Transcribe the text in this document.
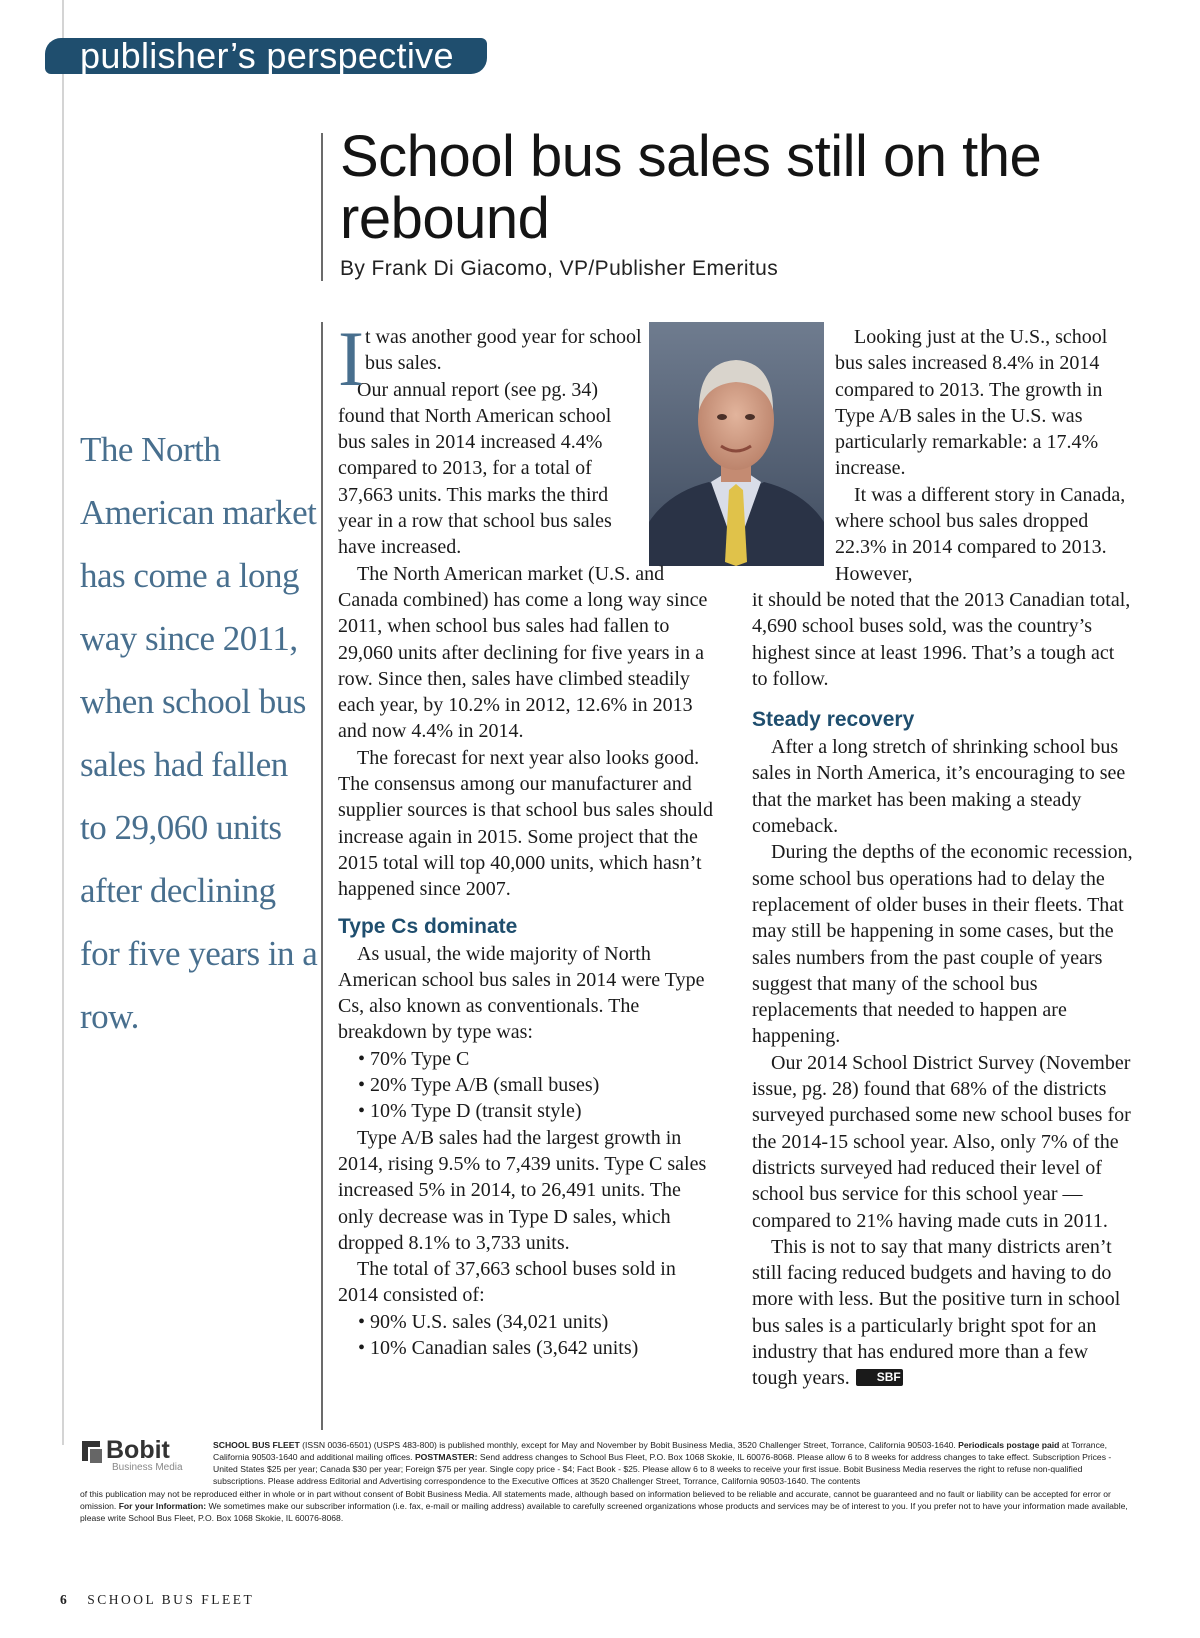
publisher’s perspective
School bus sales still on the rebound
By Frank Di Giacomo, VP/Publisher Emeritus
The North American market has come a long way since 2011, when school bus sales had fallen to 29,060 units after declining for five years in a row.
I t was another good year for school bus sales.

Our annual report (see pg. 34) found that North American school bus sales in 2014 increased 4.4% compared to 2013, for a total of 37,663 units. This marks the third year in a row that school bus sales have increased.

The North American market (U.S. and Canada combined) has come a long way since 2011, when school bus sales had fallen to 29,060 units after declining for five years in a row. Since then, sales have climbed steadily each year, by 10.2% in 2012, 12.6% in 2013 and now 4.4% in 2014.

The forecast for next year also looks good. The consensus among our manufacturer and supplier sources is that school bus sales should increase again in 2015. Some project that the 2015 total will top 40,000 units, which hasn’t happened since 2007.

Type Cs dominate

As usual, the wide majority of North American school bus sales in 2014 were Type Cs, also known as conventionals. The breakdown by type was:

• 70% Type C
• 20% Type A/B (small buses)
• 10% Type D (transit style)

Type A/B sales had the largest growth in 2014, rising 9.5% to 7,439 units. Type C sales increased 5% in 2014, to 26,491 units. The only decrease was in Type D sales, which dropped 8.1% to 3,733 units.

The total of 37,663 school buses sold in 2014 consisted of:

• 90% U.S. sales (34,021 units)
• 10% Canadian sales (3,642 units)

Looking just at the U.S., school bus sales increased 8.4% in 2014 compared to 2013. The growth in Type A/B sales in the U.S. was particularly remarkable: a 17.4% increase.

It was a different story in Canada, where school bus sales dropped 22.3% in 2014 compared to 2013. However,

it should be noted that the 2013 Canadian total, 4,690 school buses sold, was the country’s highest since at least 1996. That’s a tough act to follow.

Steady recovery

After a long stretch of shrinking school bus sales in North America, it’s encouraging to see that the market has been making a steady comeback.

During the depths of the economic recession, some school bus operations had to delay the replacement of older buses in their fleets. That may still be happening in some cases, but the sales numbers from the past couple of years suggest that many of the school bus replacements that needed to happen are happening.

Our 2014 School District Survey (November issue, pg. 28) found that 68% of the districts surveyed purchased some new school buses for the 2014-15 school year. Also, only 7% of the districts surveyed had reduced their level of school bus service for this school year — compared to 21% having made cuts in 2011.

This is not to say that many districts aren’t still facing reduced budgets and having to do more with less. But the positive turn in school bus sales is a particularly bright spot for an industry that has endured more than a few tough years. SBF

Bobit
Business Media
SCHOOL BUS FLEET (ISSN 0036-6501) (USPS 483-800) is published monthly, except for May and November by Bobit Business Media, 3520 Challenger Street, Torrance, California 90503-1640. Periodicals postage paid at Torrance, California 90503-1640 and additional mailing offices. POSTMASTER: Send address changes to School Bus Fleet, P.O. Box 1068 Skokie, IL 60076-8068. Please allow 6 to 8 weeks for address changes to take effect. Subscription Prices - United States $25 per year; Canada $30 per year; Foreign $75 per year. Single copy price - $4; Fact Book - $25. Please allow 6 to 8 weeks to receive your first issue. Bobit Business Media reserves the right to refuse non-qualified subscriptions. Please address Editorial and Advertising correspondence to the Executive Offices at 3520 Challenger Street, Torrance, California 90503-1640. The contents
of this publication may not be reproduced either in whole or in part without consent of Bobit Business Media. All statements made, although based on information believed to be reliable and accurate, cannot be guaranteed and no fault or liability can be accepted for error or omission. For your Information: We sometimes make our subscriber information (i.e. fax, e-mail or mailing address) available to carefully screened organizations whose products and services may be of interest to you. If you prefer not to have your information made available, please write School Bus Fleet, P.O. Box 1068 Skokie, IL 60076-8068.
6 SCHOOL BUS FLEET
